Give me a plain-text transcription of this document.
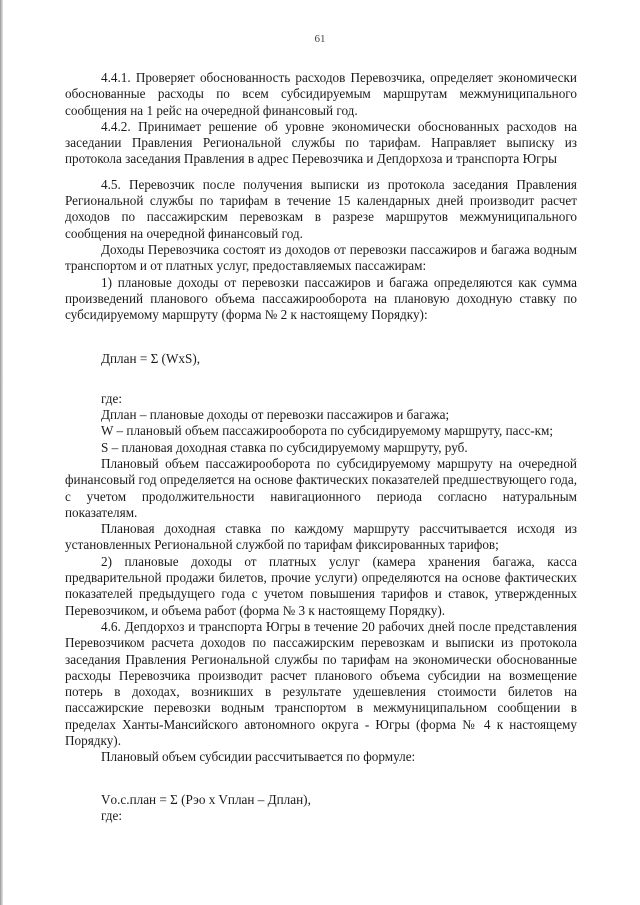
61

4.4.1. Проверяет обоснованность расходов Перевозчика, определяет экономически обоснованные расходы по всем субсидируемым маршрутам межмуниципального сообщения на 1 рейс на очередной финансовый год.

4.4.2. Принимает решение об уровне экономически обоснованных расходов на заседании Правления Региональной службы по тарифам. Направляет выписку из протокола заседания Правления в адрес Перевозчика и Депдорхоза и транспорта Югры

4.5. Перевозчик после получения выписки из протокола заседания Правления Региональной службы по тарифам в течение 15 календарных дней производит расчет доходов по пассажирским перевозкам в разрезе маршрутов межмуниципального сообщения на очередной финансовый год.

Доходы Перевозчика состоят из доходов от перевозки пассажиров и багажа водным транспортом и от платных услуг, предоставляемых пассажирам:

1) плановые доходы от перевозки пассажиров и багажа определяются как сумма произведений планового объема пассажирооборота на плановую доходную ставку по субсидируемому маршруту (форма № 2 к настоящему Порядку):

Дплан = Σ (WxS),

где:

Дплан – плановые доходы от перевозки пассажиров и багажа;

W – плановый объем пассажирооборота по субсидируемому маршруту, пасс-км;

S – плановая доходная ставка по субсидируемому маршруту, руб.

Плановый объем пассажирооборота по субсидируемому маршруту на очередной финансовый год определяется на основе фактических показателей предшествующего года, с учетом продолжительности навигационного периода согласно натуральным показателям.

Плановая доходная ставка по каждому маршруту рассчитывается исходя из установленных Региональной службой по тарифам фиксированных тарифов;

2) плановые доходы от платных услуг (камера хранения багажа, касса предварительной продажи билетов, прочие услуги) определяются на основе фактических показателей предыдущего года с учетом повышения тарифов и ставок, утвержденных Перевозчиком, и объема работ (форма № 3 к настоящему Порядку).

4.6. Депдорхоз и транспорта Югры в течение 20 рабочих дней после представления Перевозчиком расчета доходов по пассажирским перевозкам и выписки из протокола заседания Правления Региональной службы по тарифам на экономически обоснованные расходы Перевозчика производит расчет планового объема субсидии на возмещение потерь в доходах, возникших в результате удешевления стоимости билетов на пассажирские перевозки водным транспортом в межмуниципальном сообщении в пределах Ханты-Мансийского автономного округа - Югры (форма № 4 к настоящему Порядку).

Плановый объем субсидии рассчитывается по формуле:

Vо.с.план = Σ (Рэо x Vплан – Дплан),

где:
